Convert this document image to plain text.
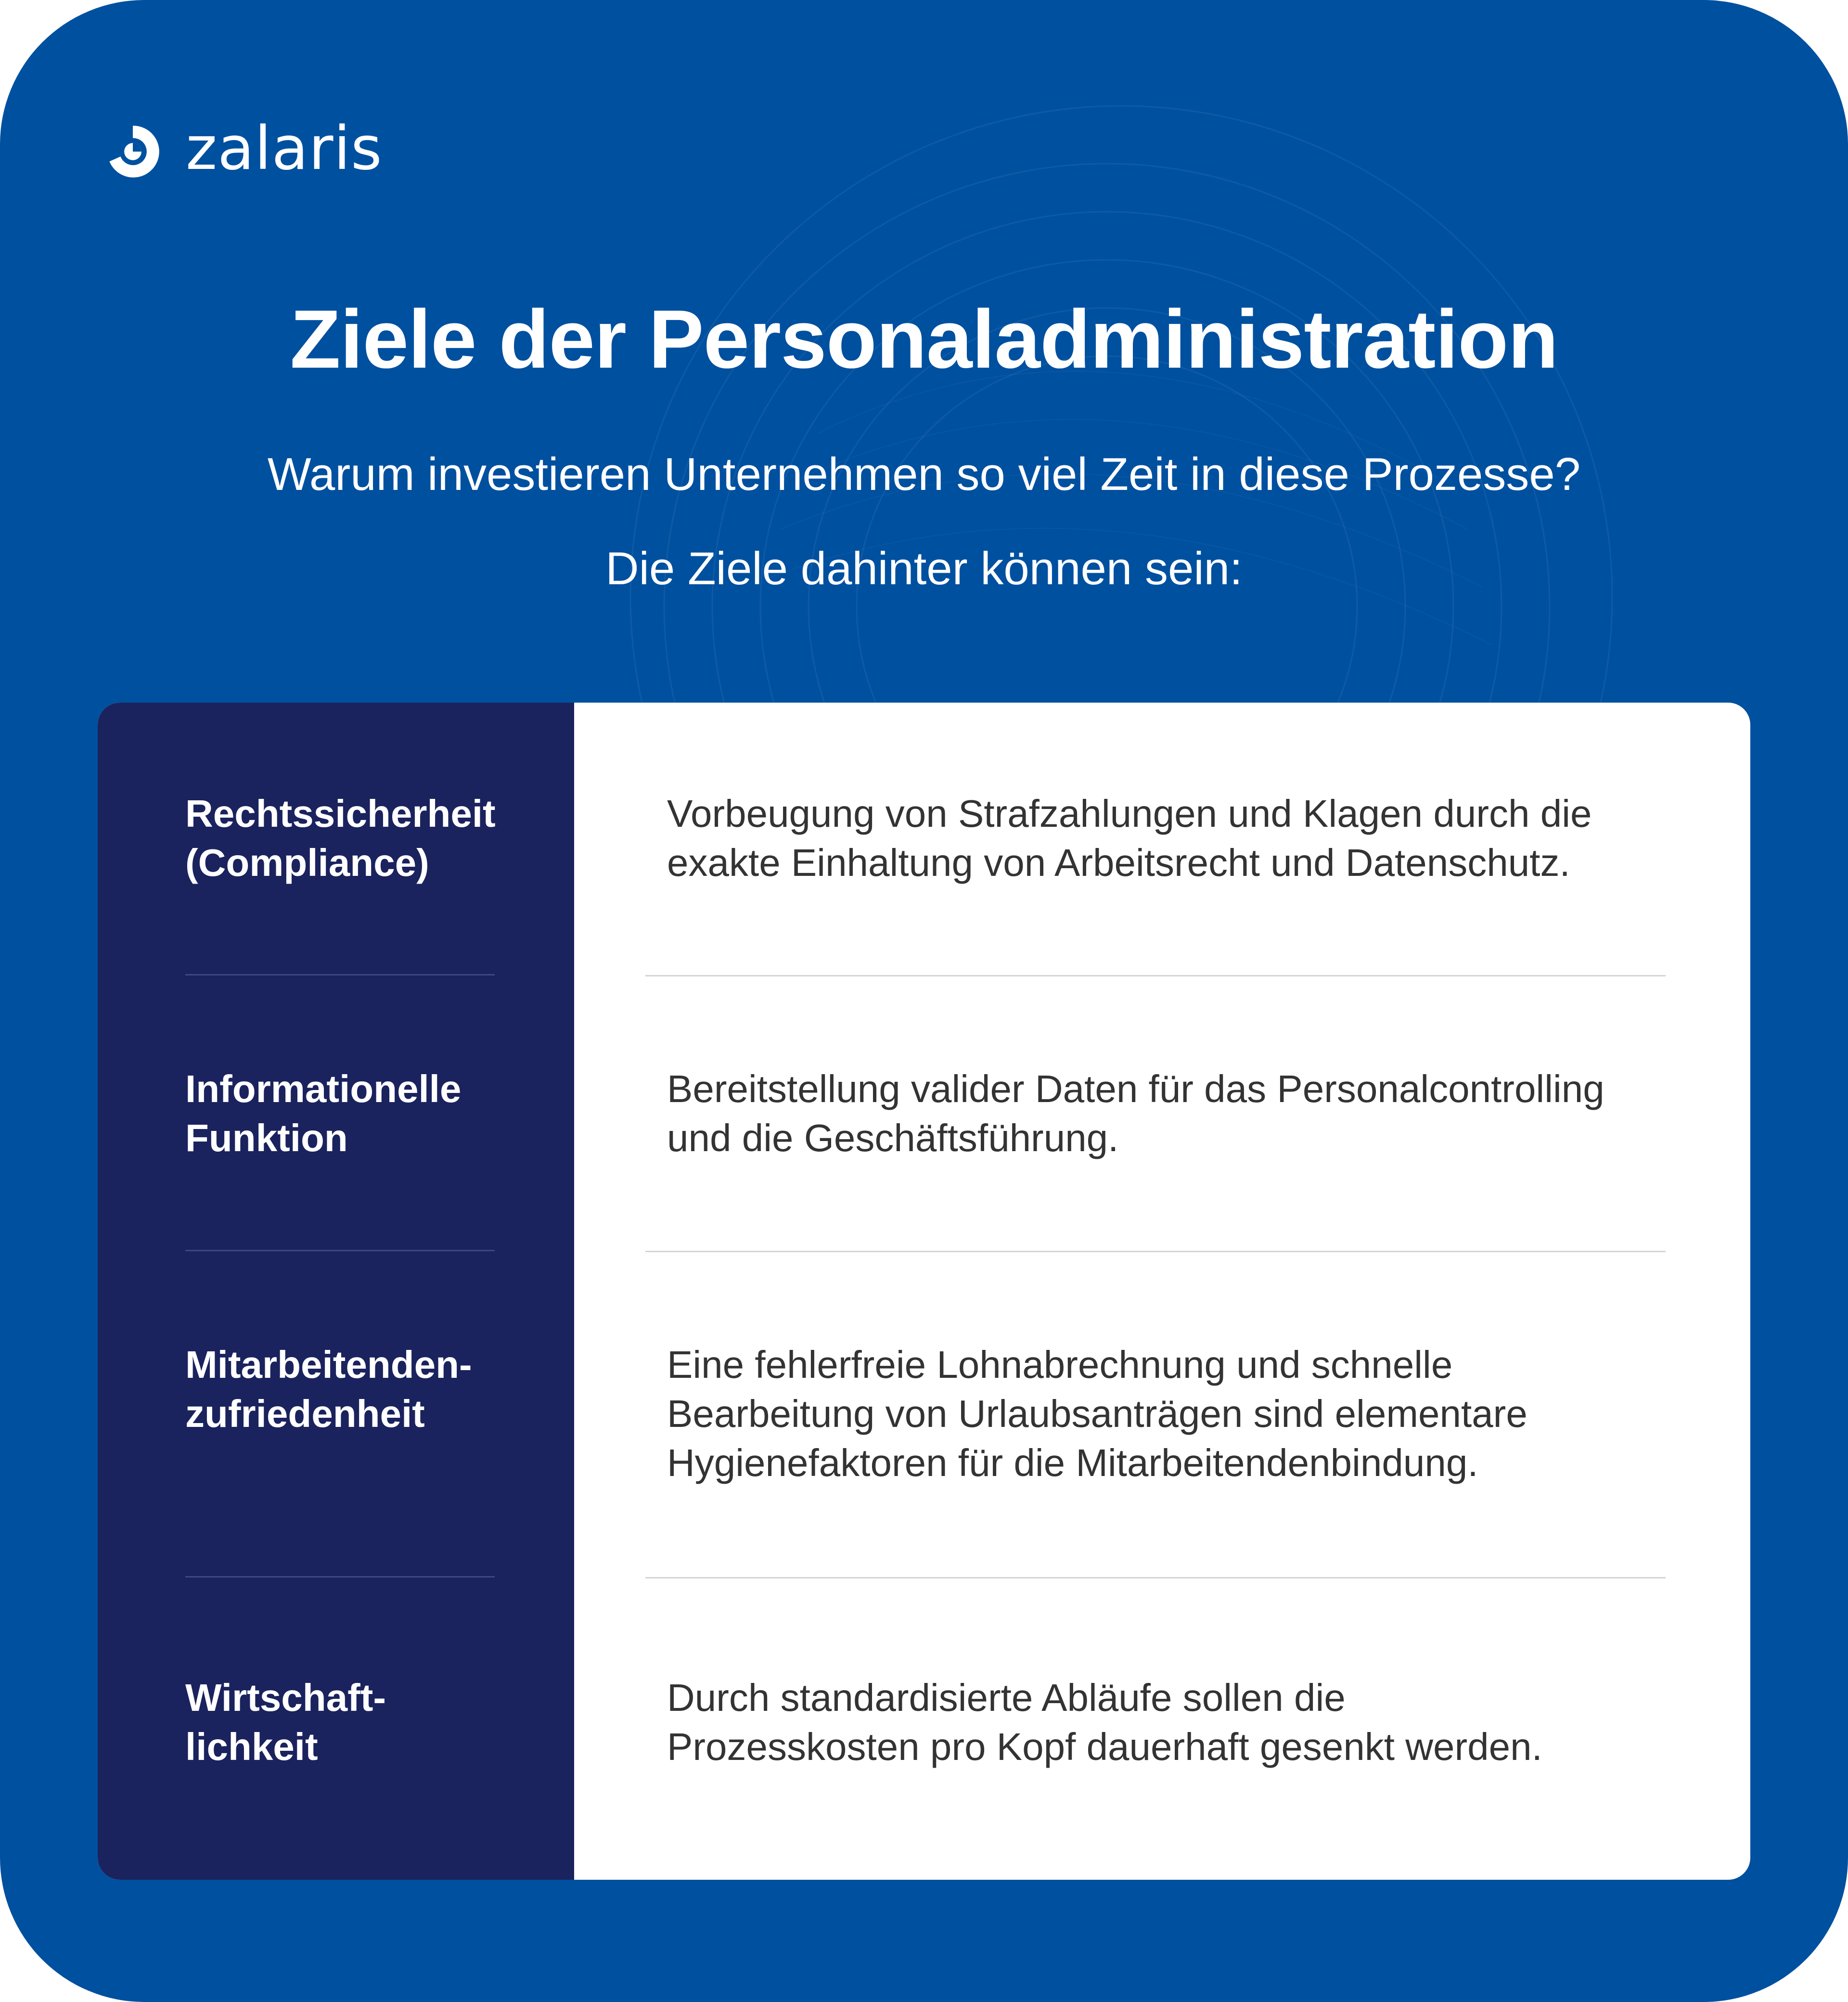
zalaris
Ziele der Personaladministration
Warum investieren Unternehmen so viel Zeit in diese Prozesse?
Die Ziele dahinter können sein:
Rechtssicherheit
(Compliance)
Vorbeugung von Strafzahlungen und Klagen durch die
exakte Einhaltung von Arbeitsrecht und Datenschutz.
Informationelle
Funktion
Bereitstellung valider Daten für das Personalcontrolling
und die Geschäftsführung.
Mitarbeitenden-
zufriedenheit
Eine fehlerfreie Lohnabrechnung und schnelle
Bearbeitung von Urlaubsanträgen sind elementare
Hygienefaktoren für die Mitarbeitendenbindung.
Wirtschaft-
lichkeit
Durch standardisierte Abläufe sollen die
Prozesskosten pro Kopf dauerhaft gesenkt werden.
